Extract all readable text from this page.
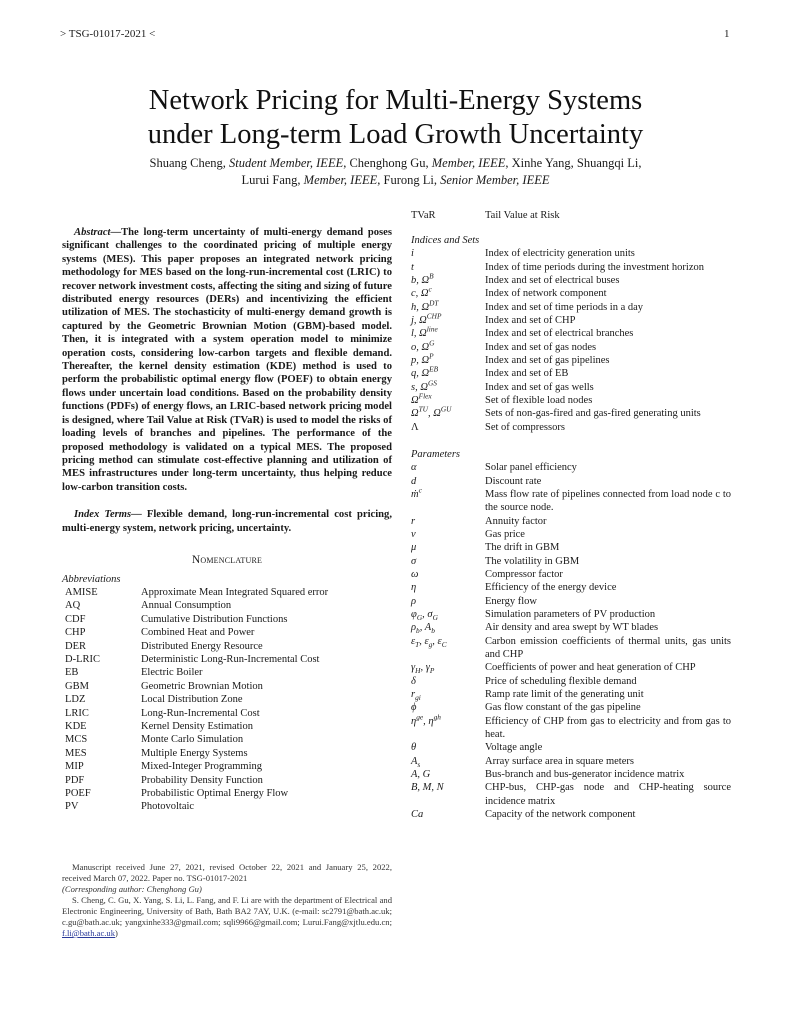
> TSG-01017-2021 <	1
Network Pricing for Multi-Energy Systems
under Long-term Load Growth Uncertainty
Shuang Cheng, Student Member, IEEE, Chenghong Gu, Member, IEEE, Xinhe Yang, Shuangqi Li,
Lurui Fang, Member, IEEE, Furong Li, Senior Member, IEEE

Abstract—The long-term uncertainty of multi-energy demand poses significant challenges to the coordinated pricing of multiple energy systems (MES). This paper proposes an integrated network pricing methodology for MES based on the long-run-incremental cost (LRIC) to recover network investment costs, affecting the siting and sizing of future distributed energy resources (DERs) and incentivizing the efficient utilization of MES. The stochasticity of multi-energy demand growth is captured by the Geometric Brownian Motion (GBM)-based model. Then, it is integrated with a system operation model to minimize operation costs, considering low-carbon targets and flexible demand. Thereafter, the kernel density estimation (KDE) method is used to perform the probabilistic optimal energy flow (POEF) to obtain energy flows under uncertain load conditions. Based on the probability density functions (PDFs) of energy flows, an LRIC-based network pricing model is designed, where Tail Value at Risk (TVaR) is used to model the risks of loading levels of branches and pipelines. The performance of the proposed methodology is validated on a typical MES. The proposed pricing method can stimulate cost-effective planning and utilization of MES infrastructures under long-term uncertainty, thus helping reduce low-carbon transition costs.

Index Terms— Flexible demand, long-run-incremental cost pricing, multi-energy system, network pricing, uncertainty.

Nomenclature
Abbreviations
AMISE	Approximate Mean Integrated Squared error
AQ	Annual Consumption
CDF	Cumulative Distribution Functions
CHP	Combined Heat and Power
DER	Distributed Energy Resource
D-LRIC	Deterministic Long-Run-Incremental Cost
EB	Electric Boiler
GBM	Geometric Brownian Motion
LDZ	Local Distribution Zone
LRIC	Long-Run-Incremental Cost
KDE	Kernel Density Estimation
MCS	Monte Carlo Simulation
MES	Multiple Energy Systems
MIP	Mixed-Integer Programming
PDF	Probability Density Function
POEF	Probabilistic Optimal Energy Flow
PV	Photovoltaic

Manuscript received June 27, 2021, revised October 22, 2021 and January 25, 2022, received March 07, 2022. Paper no. TSG-01017-2021

(Corresponding author: Chenghong Gu)

S. Cheng, C. Gu, X. Yang, S. Li, L. Fang, and F. Li are with the department of Electrical and Electronic Engineering, University of Bath, Bath BA2 7AY, U.K. (e-mail: sc2791@bath.ac.uk; c.gu@bath.ac.uk; yangxinhe333@gmail.com; sqli9966@gmail.com; Lurui.Fang@xjtlu.edu.cn; f.li@bath.ac.uk)

TVaR	Tail Value at Risk
Indices and Sets
i	Index of electricity generation units
t	Index of time periods during the investment horizon
b, $\Omega^B$	Index and set of electrical buses
c, $\Omega^c$	Index of network component
h, $\Omega^{DT}$	Index and set of time periods in a day
j, $\Omega^{CHP}$	Index and set of CHP
l, $\Omega^{line}$	Index and set of electrical branches
o, $\Omega^G$	Index and set of gas nodes
p, $\Omega^P$	Index and set of gas pipelines
q, $\Omega^{EB}$	Index and set of EB
s, $\Omega^{GS}$	Index and set of gas wells
$\Omega^{Flex}$	Set of flexible load nodes
$\Omega^{TU}$, $\Omega^{GU}$	Sets of non-gas-fired and gas-fired generating units
Λ	Set of compressors
Parameters
α	Solar panel efficiency
d	Discount rate
ṁ$^c$	Mass flow rate of pipelines connected from load node c to the source node.
r	Annuity factor
ν	Gas price
μ	The drift in GBM
σ	The volatility in GBM
ω	Compressor factor
η	Efficiency of the energy device
ρ	Energy flow
$\varphi_G$, $\sigma_G$	Simulation parameters of PV production
$\rho_b$, $A_b$	Air density and area swept by WT blades
$\varepsilon_T$, $\varepsilon_g$, $\varepsilon_C$	Carbon emission coefficients of thermal units, gas units and CHP
$\gamma_H$, $\gamma_P$	Coefficients of power and heat generation of CHP
δ	Price of scheduling flexible demand
$r_{gi}$	Ramp rate limit of the generating unit
ϕ	Gas flow constant of the gas pipeline
$\eta^{ge}$, $\eta^{gh}$	Efficiency of CHP from gas to electricity and from gas to heat.
θ	Voltage angle
$A_s$	Array surface area in square meters
A, G	Bus-branch and bus-generator incidence matrix
B, M, N	CHP-bus, CHP-gas node and CHP-heating source incidence matrix
Ca	Capacity of the network component
